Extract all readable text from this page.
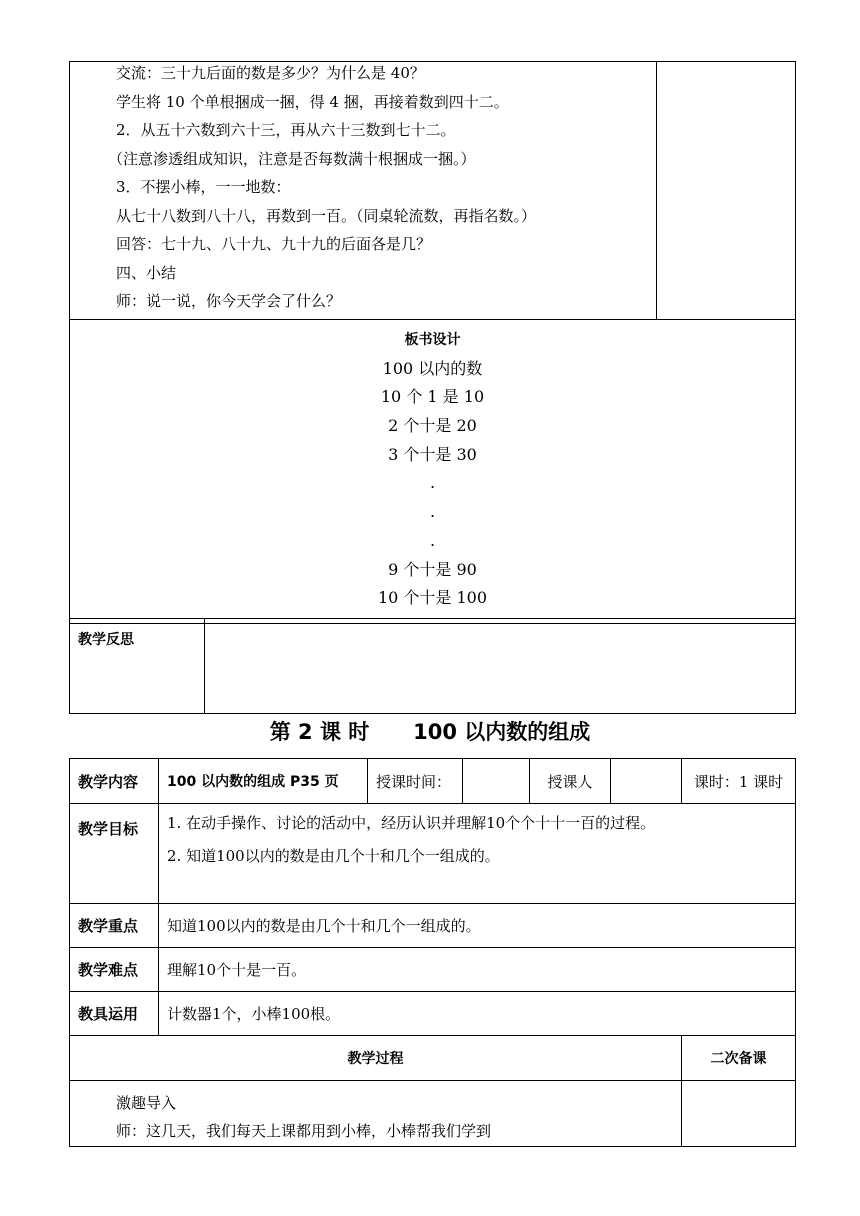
交流：三十九后面的数是多少？为什么是 40？
学生将 10 个单根捆成一捆，得 4 捆，再接着数到四十二。
2．从五十六数到六十三，再从六十三数到七十二。
（注意渗透组成知识，注意是否每数满十根捆成一捆。）
3．不摆小棒，一一地数：
从七十八数到八十八，再数到一百。（同桌轮流数，再指名数。）
回答：七十九、八十九、九十九的后面各是几？
四、小结
师：说一说，你今天学会了什么？

板书设计
100 以内的数
10 个 1 是 10
2 个十是 20
3 个十是 30
.
.
.
9 个十是 90
10 个十是 100
教学反思	
第 2 课 时      100 以内数的组成
教学内容	100 以内数的组成 P35 页	授课时间：		授课人		课时：1 课时
教学目标	1. 在动手操作、讨论的活动中，经历认识并理解10个个十十一百的过程。
2. 知道100以内的数是由几个十和几个一组成的。					

教学重点	知道100以内的数是由几个十和几个一组成的。					
教学难点	理解10个十是一百。					
教具运用	计数器1个，小棒100根。					
教学过程						二次备课

激趣导入
师：这几天，我们每天上课都用到小棒，小棒帮我们学到						
